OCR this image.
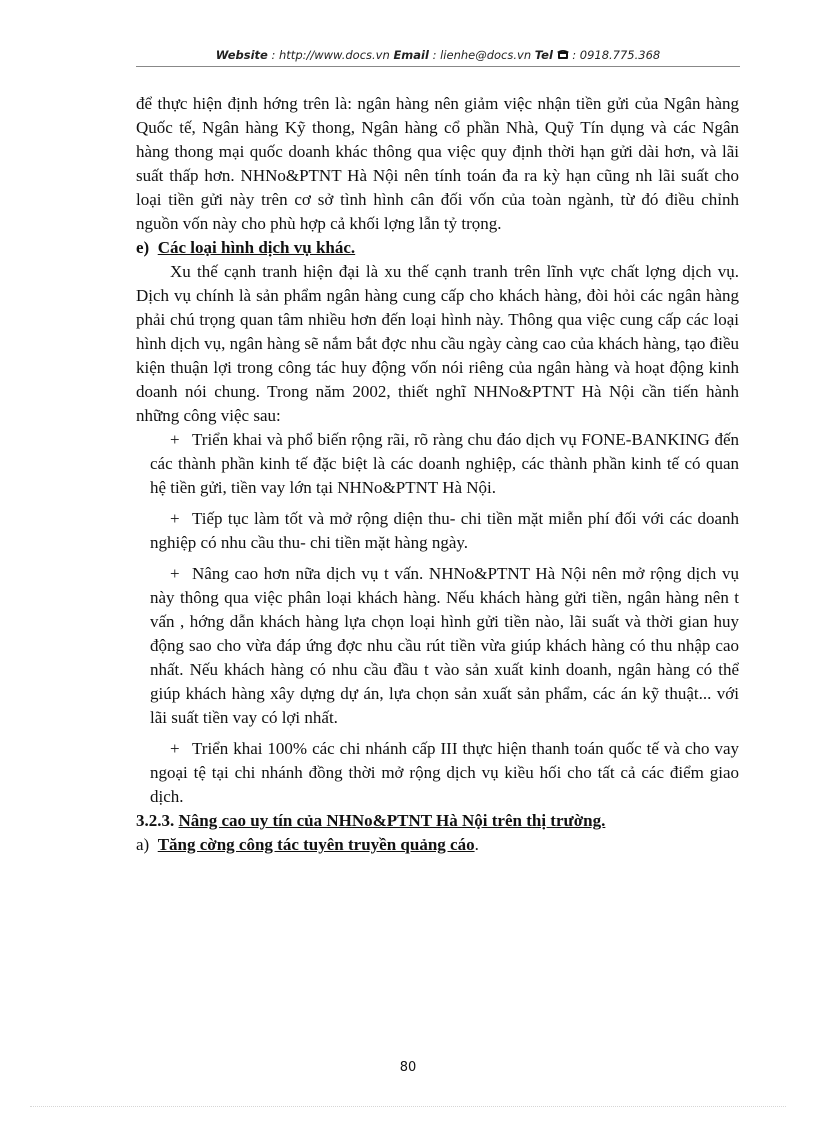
Website : http://www.docs.vn Email : lienhe@docs.vn Tel : 0918.775.368

để thực hiện định hớng trên là: ngân hàng nên giảm việc nhận tiền gửi của Ngân hàng Quốc tế, Ngân hàng Kỹ thong, Ngân hàng cổ phần Nhà, Quỹ Tín dụng và các Ngân hàng thong mại quốc doanh khác thông qua việc quy định thời hạn gửi dài hơn, và lãi suất thấp hơn. NHNo&PTNT Hà Nội nên tính toán đa ra kỳ hạn cũng nh lãi suất cho loại tiền gửi này trên cơ sở tình hình cân đối vốn của toàn ngành, từ đó điều chỉnh nguồn vốn này cho phù hợp cả khối lợng lẫn tỷ trọng.

e) Các loại hình dịch vụ khác.

Xu thế cạnh tranh hiện đại là xu thế cạnh tranh trên lĩnh vực chất lợng dịch vụ. Dịch vụ chính là sản phẩm ngân hàng cung cấp cho khách hàng, đòi hỏi các ngân hàng phải chú trọng quan tâm nhiều hơn đến loại hình này. Thông qua việc cung cấp các loại hình dịch vụ, ngân hàng sẽ nắm bắt đợc nhu cầu ngày càng cao của khách hàng, tạo điều kiện thuận lợi trong công tác huy động vốn nói riêng của ngân hàng và hoạt động kinh doanh nói chung. Trong năm 2002, thiết nghĩ NHNo&PTNT Hà Nội cần tiến hành những công việc sau:

+ Triển khai và phổ biến rộng rãi, rõ ràng chu đáo dịch vụ FONE-BANKING đến các thành phần kinh tế đặc biệt là các doanh nghiệp, các thành phần kinh tế có quan hệ tiền gửi, tiền vay lớn tại NHNo&PTNT Hà Nội.

+ Tiếp tục làm tốt và mở rộng diện thu- chi tiền mặt miễn phí đối với các doanh nghiệp có nhu cầu thu- chi tiền mặt hàng ngày.

+ Nâng cao hơn nữa dịch vụ t vấn. NHNo&PTNT Hà Nội nên mở rộng dịch vụ này thông qua việc phân loại khách hàng. Nếu khách hàng gửi tiền, ngân hàng nên t vấn , hớng dẫn khách hàng lựa chọn loại hình gửi tiền nào, lãi suất và thời gian huy động sao cho vừa đáp ứng đợc nhu cầu rút tiền vừa giúp khách hàng có thu nhập cao nhất. Nếu khách hàng có nhu cầu đầu t vào sản xuất kinh doanh, ngân hàng có thể giúp khách hàng xây dựng dự án, lựa chọn sản xuất sản phẩm, các án kỹ thuật... với lãi suất tiền vay có lợi nhất.

+ Triển khai 100% các chi nhánh cấp III thực hiện thanh toán quốc tế và cho vay ngoại tệ tại chi nhánh đồng thời mở rộng dịch vụ kiều hối cho tất cả các điểm giao dịch.

3.2.3. Nâng cao uy tín của NHNo&PTNT Hà Nội trên thị trường.

a) Tăng cờng công tác tuyên truyền quảng cáo.

80
